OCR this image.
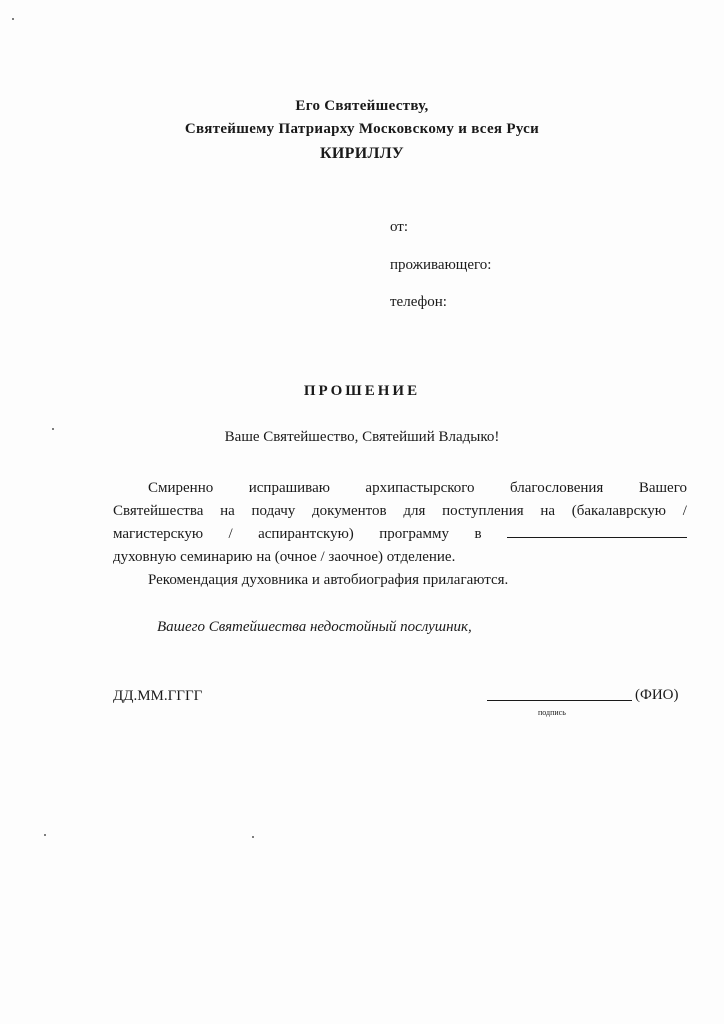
Его Святейшеству,
Святейшему Патриарху Московскому и всея Руси
КИРИЛЛУ
от:
проживающего:
телефон:
ПРОШЕНИЕ
Ваше Святейшество, Святейший Владыко!
Смиренно испрашиваю архипастырского благословения Вашего
Святейшества на подачу документов для поступления на (бакалаврскую /
магистерскую / аспирантскую) программу в
духовную семинарию на (очное / заочное) отделение.
Рекомендация духовника и автобиография прилагаются.
Вашего Святейшества недостойный послушник,
ДД.ММ.ГГГГ	(ФИО)
подпись
